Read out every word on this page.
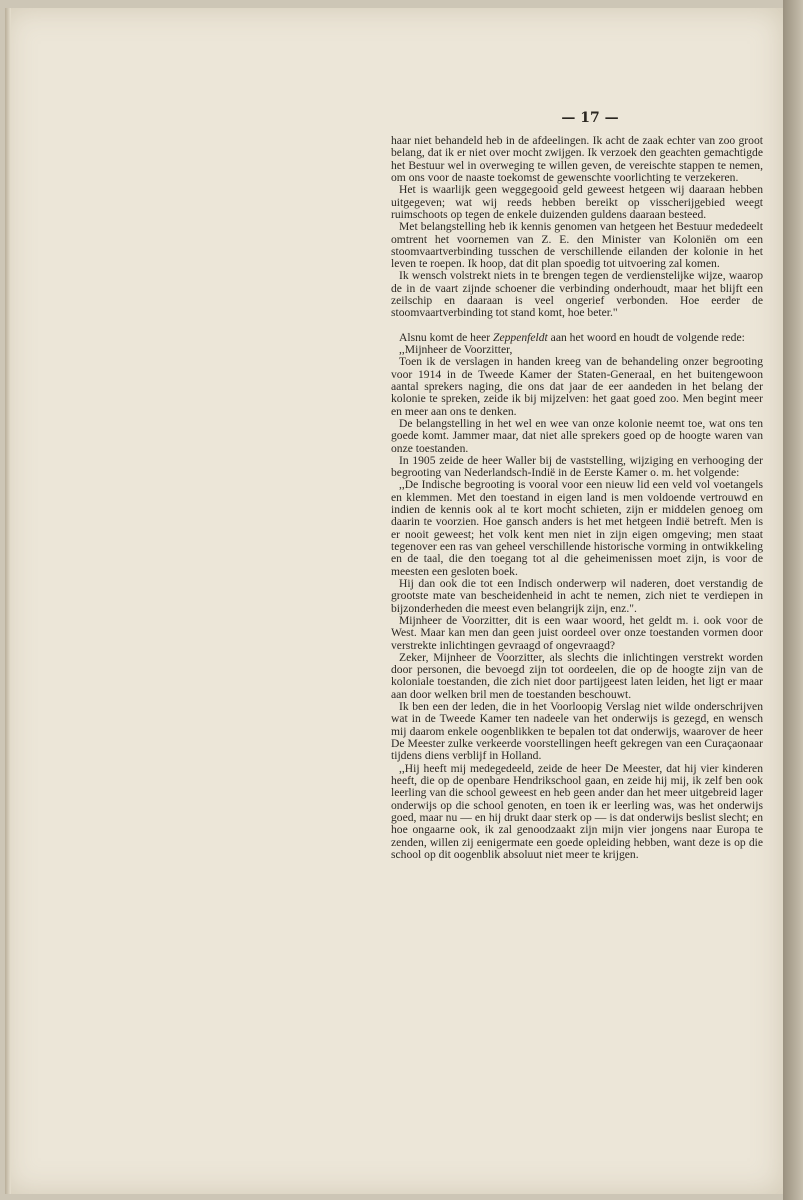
— 17 —

haar niet behandeld heb in de afdeelingen. Ik acht de zaak echter van zoo groot belang, dat ik er niet over mocht zwijgen. Ik verzoek den geachten gemachtigde het Bestuur wel in overweging te willen geven, de vereischte stappen te nemen, om ons voor de naaste toekomst de gewenschte voorlichting te verzekeren.

Het is waarlijk geen weggegooid geld geweest hetgeen wij daaraan hebben uitgegeven; wat wij reeds hebben bereikt op visscherijgebied weegt ruimschoots op tegen de enkele duizenden guldens daaraan besteed.

Met belangstelling heb ik kennis genomen van hetgeen het Bestuur mededeelt omtrent het voornemen van Z. E. den Minister van Koloniën om een stoomvaartverbinding tusschen de verschillende eilanden der kolonie in het leven te roepen. Ik hoop, dat dit plan spoedig tot uitvoering zal komen.

Ik wensch volstrekt niets in te brengen tegen de verdienstelijke wijze, waarop de in de vaart zijnde schoener die verbinding onderhoudt, maar het blijft een zeilschip en daaraan is veel ongerief verbonden. Hoe eerder de stoomvaartverbinding tot stand komt, hoe beter."

Alsnu komt de heer Zeppenfeldt aan het woord en houdt de volgende rede:

,,Mijnheer de Voorzitter,

Toen ik de verslagen in handen kreeg van de behandeling onzer begrooting voor 1914 in de Tweede Kamer der Staten-Generaal, en het buitengewoon aantal sprekers naging, die ons dat jaar de eer aandeden in het belang der kolonie te spreken, zeide ik bij mijzelven: het gaat goed zoo. Men begint meer en meer aan ons te denken.

De belangstelling in het wel en wee van onze kolonie neemt toe, wat ons ten goede komt. Jammer maar, dat niet alle sprekers goed op de hoogte waren van onze toestanden.

In 1905 zeide de heer Waller bij de vaststelling, wijziging en verhooging der begrooting van Nederlandsch-Indië in de Eerste Kamer o. m. het volgende:

,,De Indische begrooting is vooral voor een nieuw lid een veld vol voetangels en klemmen. Met den toestand in eigen land is men voldoende vertrouwd en indien de kennis ook al te kort mocht schieten, zijn er middelen genoeg om daarin te voorzien. Hoe gansch anders is het met hetgeen Indië betreft. Men is er nooit geweest; het volk kent men niet in zijn eigen omgeving; men staat tegenover een ras van geheel verschillende historische vorming in ontwikkeling en de taal, die den toegang tot al die geheimenissen moet zijn, is voor de meesten een gesloten boek.

Hij dan ook die tot een Indisch onderwerp wil naderen, doet verstandig de grootste mate van bescheidenheid in acht te nemen, zich niet te verdiepen in bijzonderheden die meest even belangrijk zijn, enz.".

Mijnheer de Voorzitter, dit is een waar woord, het geldt m. i. ook voor de West. Maar kan men dan geen juist oordeel over onze toestanden vormen door verstrekte inlichtingen gevraagd of ongevraagd?

Zeker, Mijnheer de Voorzitter, als slechts die inlichtingen verstrekt worden door personen, die bevoegd zijn tot oordeelen, die op de hoogte zijn van de koloniale toestanden, die zich niet door partijgeest laten leiden, het ligt er maar aan door welken bril men de toestanden beschouwt.

Ik ben een der leden, die in het Voorloopig Verslag niet wilde onderschrijven wat in de Tweede Kamer ten nadeele van het onderwijs is gezegd, en wensch mij daarom enkele oogenblikken te bepalen tot dat onderwijs, waarover de heer De Meester zulke verkeerde voorstellingen heeft gekregen van een Curaçaonaar tijdens diens verblijf in Holland.

,,Hij heeft mij medegedeeld, zeide de heer De Meester, dat hij vier kinderen heeft, die op de openbare Hendrikschool gaan, en zeide hij mij, ik zelf ben ook leerling van die school geweest en heb geen ander dan het meer uitgebreid lager onderwijs op die school genoten, en toen ik er leerling was, was het onderwijs goed, maar nu — en hij drukt daar sterk op — is dat onderwijs beslist slecht; en hoe ongaarne ook, ik zal genoodzaakt zijn mijn vier jongens naar Europa te zenden, willen zij eenigermate een goede opleiding hebben, want deze is op die school op dit oogenblik absoluut niet meer te krijgen.
